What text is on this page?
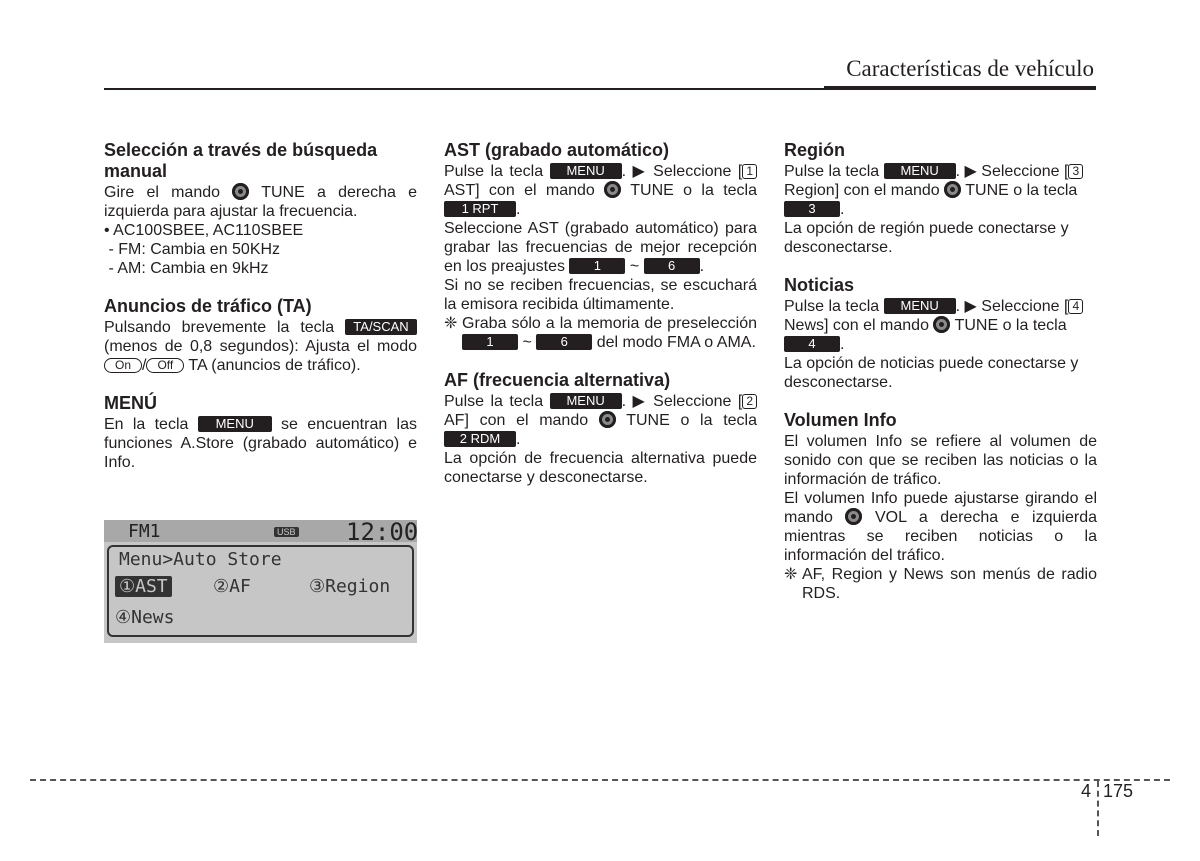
Características de vehículo

Selección a través de búsqueda manual

Gire el mando	TUNE a derecha e izquierda para ajustar la frecuencia.

• AC100SBEE, AC110SBEE

- FM: Cambia en 50KHz

- AM: Cambia en 9kHz

Anuncios de tráfico (TA)

Pulsando brevemente la tecla TA/SCAN (menos de 0,8 segundos): Ajusta el modo On / Off TA (anuncios de tráfico).

MENÚ

En la tecla MENU se encuentran las funciones A.Store (grabado automático) e Info.

FM1	USB 12:00
Menu>Auto Store
①AST	②AF	③Region
④News

AST (grabado automático)

Pulse la tecla MENU . ▶ Seleccione [ 1 AST] con el mando TUNE o la tecla 1 RPT .

Seleccione AST (grabado automático) para grabar las frecuencias de mejor recepción en los preajustes 1 ~ 6 .

Si no se reciben frecuencias, se escuchará la emisora recibida últimamente.

❈ Graba sólo a la memoria de preselección 1 ~ 6 del modo FMA o AMA.

AF (frecuencia alternativa)

Pulse la tecla MENU . ▶ Seleccione [ 2 AF] con el mando TUNE o la tecla 2 RDM .

La opción de frecuencia alternativa puede conectarse y desconectarse.

Región

Pulse la tecla MENU . ▶ Seleccione [ 3 Region] con el mando TUNE o la tecla 3 .

La opción de región puede conectarse y desconectarse.

Noticias

Pulse la tecla MENU . ▶ Seleccione [ 4 News] con el mando TUNE o la tecla 4 .

La opción de noticias puede conectarse y desconectarse.

Volumen Info

El volumen Info se refiere al volumen de sonido con que se reciben las noticias o la información de tráfico.

El volumen Info puede ajustarse girando el mando	VOL a derecha e izquierda mientras se reciben noticias o la información del tráfico.

❈ AF, Region y News son menús de radio RDS.
4 175
